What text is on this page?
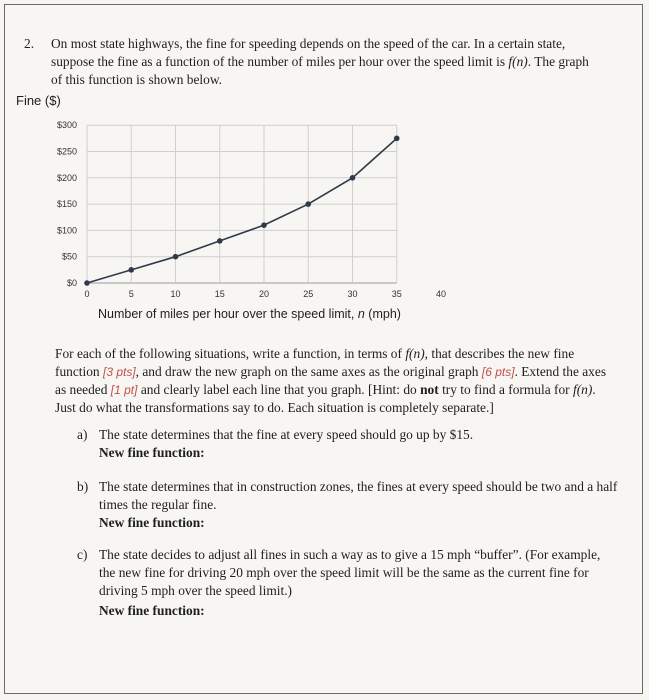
2. On most state highways, the fine for speeding depends on the speed of the car. In a certain state,
suppose the fine as a function of the number of miles per hour over the speed limit is f(n). The graph
of this function is shown below.
Fine ($)
$0
$50
$100
$150
$200
$250
$300
0	5	10	15	20	25	30	35	40
Number of miles per hour over the speed limit, n (mph)
For each of the following situations, write a function, in terms of f(n), that describes the new fine
function [3 pts], and draw the new graph on the same axes as the original graph [6 pts]. Extend the axes
as needed [1 pt] and clearly label each line that you graph. [Hint: do not try to find a formula for f(n).
Just do what the transformations say to do. Each situation is completely separate.]
a) The state determines that the fine at every speed should go up by $15.
New fine function:
b) The state determines that in construction zones, the fines at every speed should be two and a half
times the regular fine.
New fine function:
c) The state decides to adjust all fines in such a way as to give a 15 mph “buffer”. (For example,
the new fine for driving 20 mph over the speed limit will be the same as the current fine for
driving 5 mph over the speed limit.)
New fine function:
